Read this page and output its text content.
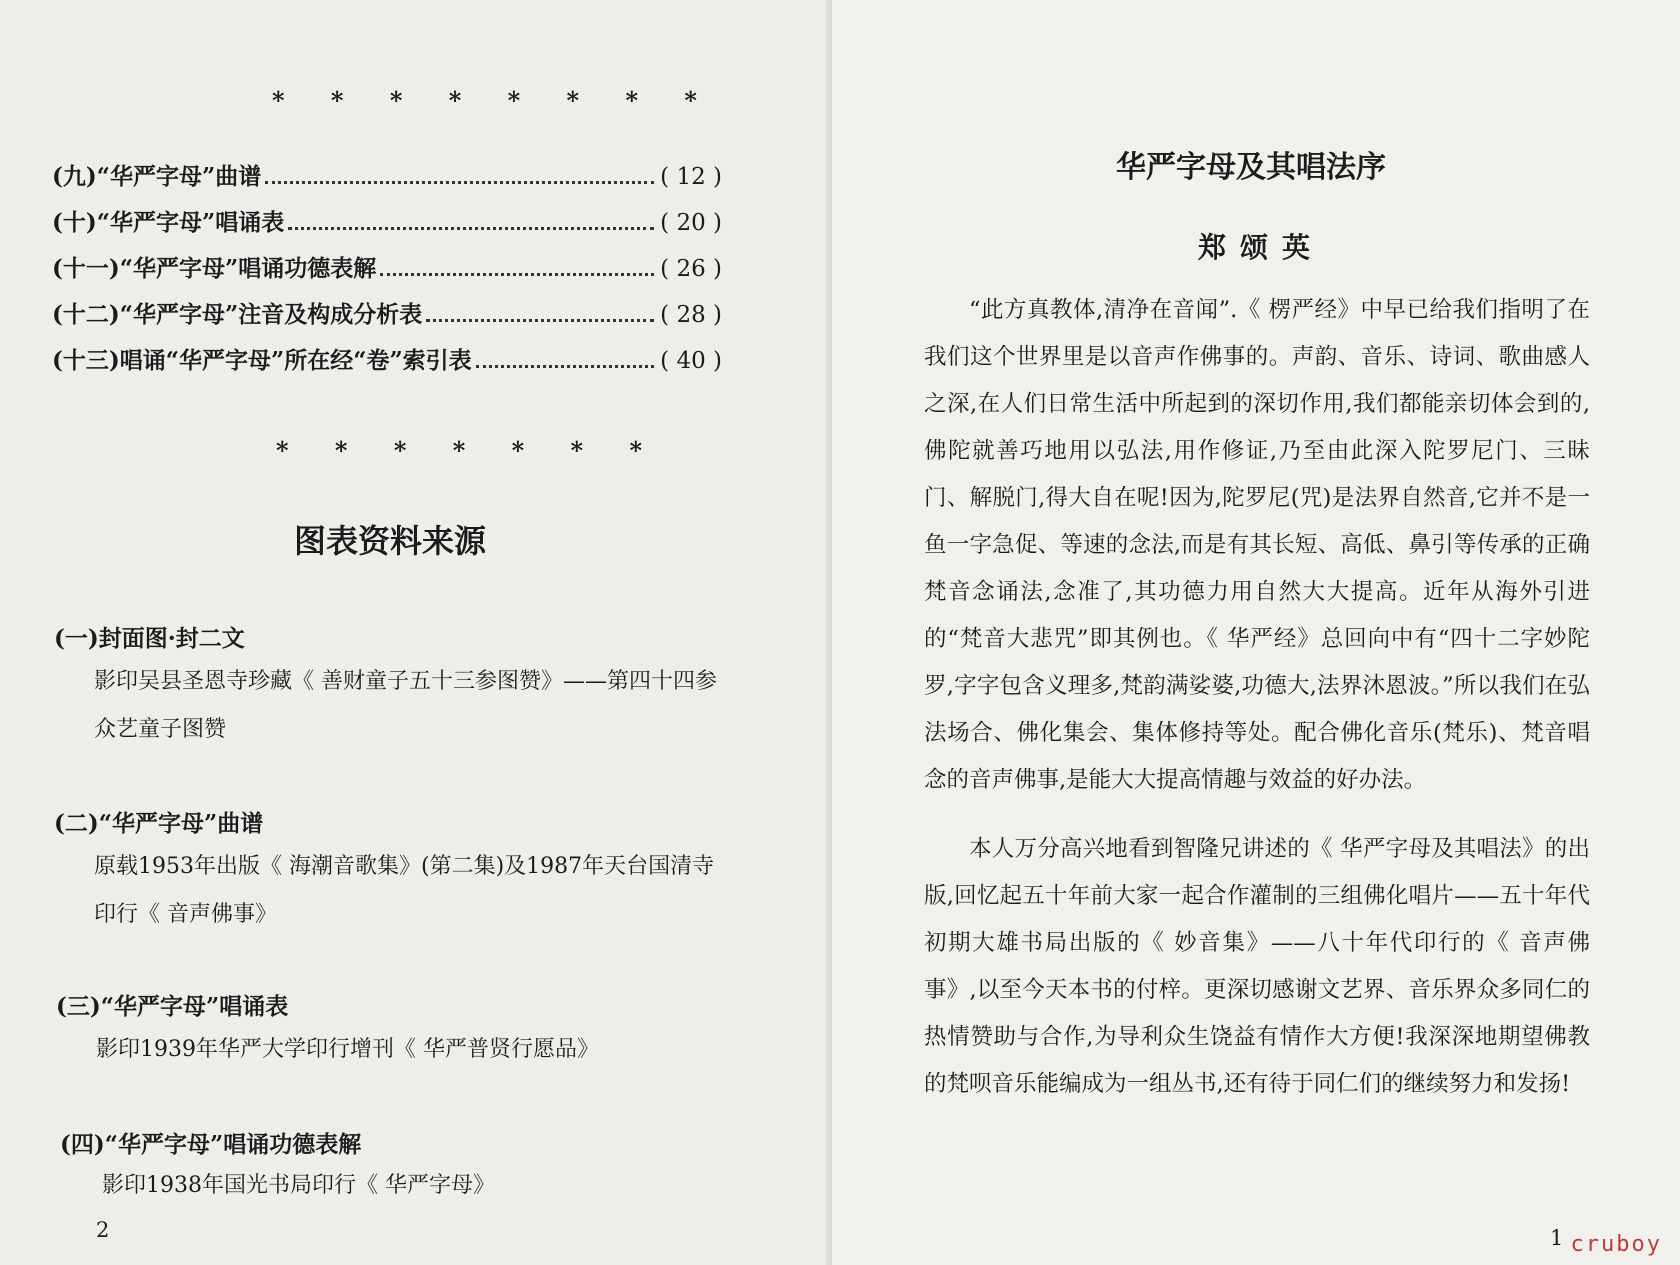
* * * * * * * *
(九)“华严字母”曲谱	( 12 )
(十)“华严字母”唱诵表	( 20 )
(十一)“华严字母”唱诵功德表解	( 26 )
(十二)“华严字母”注音及构成分析表	( 28 )
(十三)唱诵“华严字母”所在经“卷”索引表	( 40 )
* * * * * * *
图表资料来源
(一)封面图·封二文
影印吴县圣恩寺珍藏《 善财童子五十三参图赞》——第四十四参众艺童子图赞
(二)“华严字母”曲谱
原载1953年出版《 海潮音歌集》(第二集)及1987年天台国清寺印行《 音声佛事》
(三)“华严字母”唱诵表
影印1939年华严大学印行增刊《 华严普贤行愿品》
(四)“华严字母”唱诵功德表解
影印1938年国光书局印行《 华严字母》
2
华严字母及其唱法序
郑颂英
“此方真教体,清净在音闻”.《 楞严经》中早已给我们指明了在我们这个世界里是以音声作佛事的。声韵、音乐、诗词、歌曲感人之深,在人们日常生活中所起到的深切作用,我们都能亲切体会到的,佛陀就善巧地用以弘法,用作修证,乃至由此深入陀罗尼门、三昧门、解脱门,得大自在呢!因为,陀罗尼(咒)是法界自然音,它并不是一鱼一字急促、等速的念法,而是有其长短、高低、鼻引等传承的正确梵音念诵法,念准了,其功德力用自然大大提高。近年从海外引进的“梵音大悲咒”即其例也。《 华严经》总回向中有“四十二字妙陀罗,字字包含义理多,梵韵满娑婆,功德大,法界沐恩波。”所以我们在弘法场合、佛化集会、集体修持等处。配合佛化音乐(梵乐)、梵音唱念的音声佛事,是能大大提高情趣与效益的好办法。
本人万分高兴地看到智隆兄讲述的《 华严字母及其唱法》的出版,回忆起五十年前大家一起合作灌制的三组佛化唱片——五十年代初期大雄书局出版的《 妙音集》——八十年代印行的《 音声佛事》,以至今天本书的付梓。更深切感谢文艺界、音乐界众多同仁的热情赞助与合作,为导利众生饶益有情作大方便!我深深地期望佛教的梵呗音乐能编成为一组丛书,还有待于同仁们的继续努力和发扬!
1 cruboy
